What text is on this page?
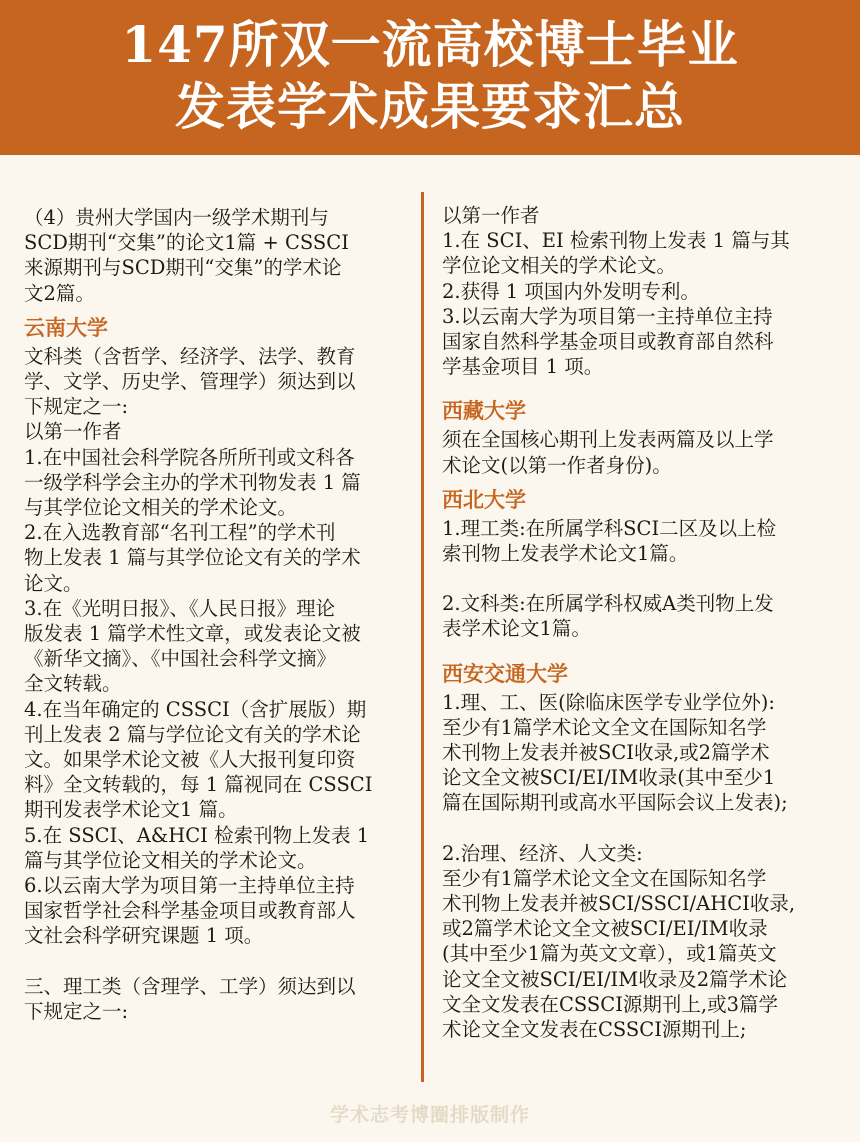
147所双一流高校博士毕业
发表学术成果要求汇总

（4）贵州大学国内一级学术期刊与
SCD期刊“交集”的论文1篇 + CSSCI
来源期刊与SCD期刊“交集”的学术论
文2篇。

云南大学

文科类（含哲学、经济学、法学、教育
学、文学、历史学、管理学）须达到以
下规定之一:
以第一作者

1.在中国社会科学院各所所刊或文科各
一级学科学会主办的学术刊物发表 1 篇
与其学位论文相关的学术论文。

2.在入选教育部“名刊工程”的学术刊
物上发表 1 篇与其学位论文有关的学术
论文。

3.在《光明日报》、《人民日报》理论
版发表 1 篇学术性文章，或发表论文被
《新华文摘》、《中国社会科学文摘》
全文转载。

4.在当年确定的 CSSCI（含扩展版）期
刊上发表 2 篇与学位论文有关的学术论
文。如果学术论文被《人大报刊复印资
料》全文转载的，每 1 篇视同在 CSSCI
期刊发表学术论文1 篇。

5.在 SSCI、A&HCI 检索刊物上发表 1
篇与其学位论文相关的学术论文。

6.以云南大学为项目第一主持单位主持
国家哲学社会科学基金项目或教育部人
文社会科学研究课题 1 项。

三、理工类（含理学、工学）须达到以
下规定之一:

以第一作者
1.在 SCI、EI 检索刊物上发表 1 篇与其
学位论文相关的学术论文。
2.获得 1 项国内外发明专利。
3.以云南大学为项目第一主持单位主持
国家自然科学基金项目或教育部自然科
学基金项目 1 项。

西藏大学

须在全国核心期刊上发表两篇及以上学
术论文(以第一作者身份)。

西北大学

1.理工类:在所属学科SCI二区及以上检
索刊物上发表学术论文1篇。

2.文科类:在所属学科权威A类刊物上发
表学术论文1篇。

西安交通大学

1.理、工、医(除临床医学专业学位外):
至少有1篇学术论文全文在国际知名学
术刊物上发表并被SCI收录,或2篇学术
论文全文被SCI/EI/IM收录(其中至少1
篇在国际期刊或高水平国际会议上发表);

2.治理、经济、人文类:
至少有1篇学术论文全文在国际知名学
术刊物上发表并被SCI/SSCI/AHCI收录,
或2篇学术论文全文被SCI/EI/IM收录
(其中至少1篇为英文文章），或1篇英文
论文全文被SCI/EI/IM收录及2篇学术论
文全文发表在CSSCI源期刊上,或3篇学
术论文全文发表在CSSCI源期刊上;

学术志考博圈排版制作
